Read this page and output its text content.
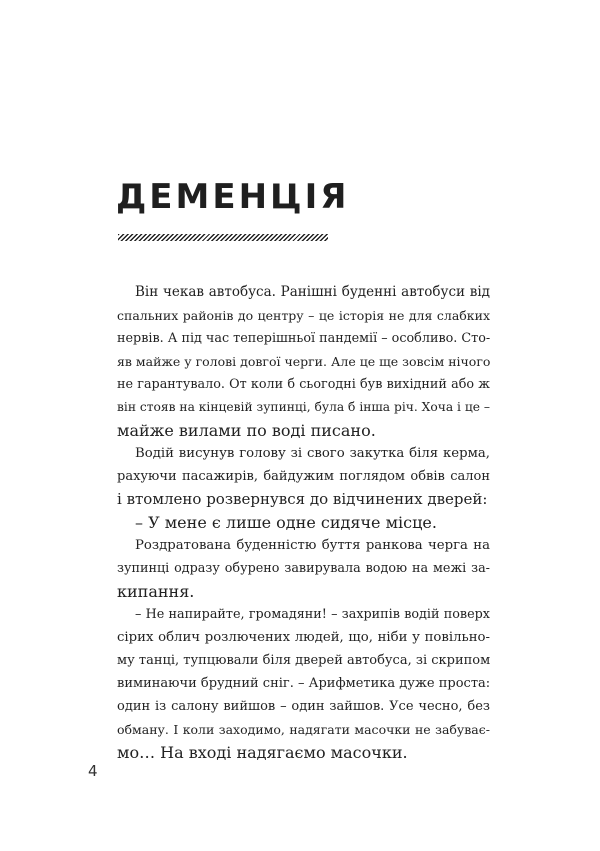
ДЕМЕНЦІЯ
Він чекав автобуса. Ранішні буденні автобуси від
спальних районів до центру – це історія не для слабких
нервів. А під час теперішньої пандемії – особливо. Сто-
яв майже у голові довгої черги. Але це ще зовсім нічого
не гарантувало. От коли б сьогодні був вихідний або ж
він стояв на кінцевій зупинці, була б інша річ. Хоча і це –
майже вилами по воді писано.
Водій висунув голову зі свого закутка біля керма,
рахуючи пасажирів, байдужим поглядом обвів салон
і втомлено розвернувся до відчинених дверей:
– У мене є лише одне сидяче місце.
Роздратована буденністю буття ранкова черга на
зупинці одразу обурено завирувала водою на межі за-
кипання.
– Не напирайте, громадяни! – захрипів водій поверх
сірих облич розлючених людей, що, ніби у повільно-
му танці, тупцювали біля дверей автобуса, зі скрипом
виминаючи брудний сніг. – Арифметика дуже проста:
один із салону вийшов – один зайшов. Усе чесно, без
обману. І коли заходимо, надягати масочки не забуває-
мо… На вході надягаємо масочки.
4
